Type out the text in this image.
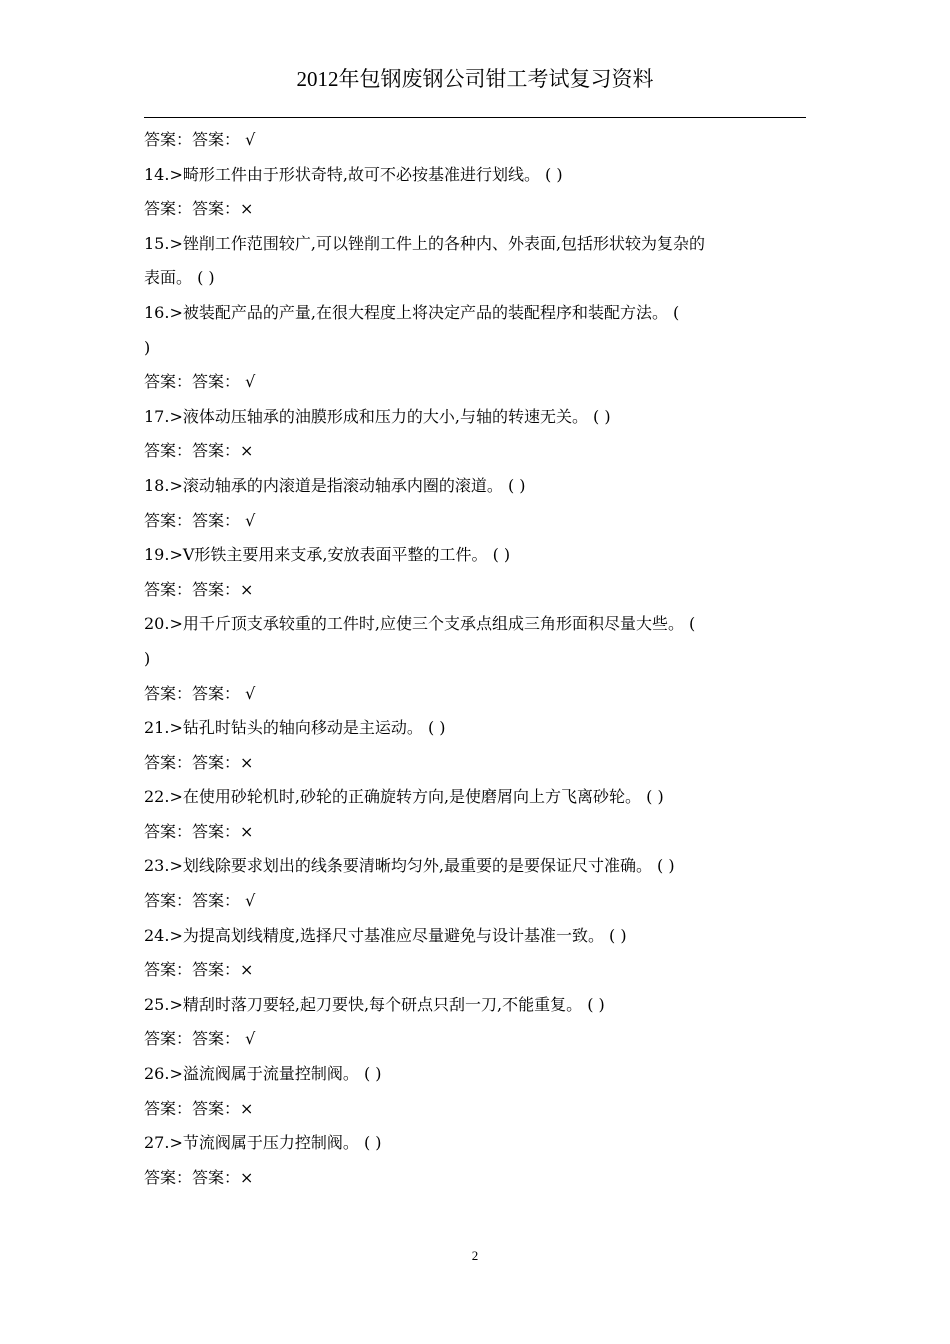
2012年包钢废钢公司钳工考试复习资料
答案：答案： √
14.>畸形工件由于形状奇特,故可不必按基准进行划线。 ( )
答案：答案：×
15.>锉削工作范围较广,可以锉削工件上的各种内、外表面,包括形状较为复杂的
表面。 ( )
16.>被装配产品的产量,在很大程度上将决定产品的装配程序和装配方法。 (
)
答案：答案： √
17.>液体动压轴承的油膜形成和压力的大小,与轴的转速无关。 ( )
答案：答案：×
18.>滚动轴承的内滚道是指滚动轴承内圈的滚道。 ( )
答案：答案： √
19.>V形铁主要用来支承,安放表面平整的工件。 ( )
答案：答案：×
20.>用千斤顶支承较重的工件时,应使三个支承点组成三角形面积尽量大些。 (
)
答案：答案： √
21.>钻孔时钻头的轴向移动是主运动。 ( )
答案：答案：×
22.>在使用砂轮机时,砂轮的正确旋转方向,是使磨屑向上方飞离砂轮。 ( )
答案：答案：×
23.>划线除要求划出的线条要清晰均匀外,最重要的是要保证尺寸准确。 ( )
答案：答案： √
24.>为提高划线精度,选择尺寸基准应尽量避免与设计基准一致。 ( )
答案：答案：×
25.>精刮时落刀要轻,起刀要快,每个研点只刮一刀,不能重复。 ( )
答案：答案： √
26.>溢流阀属于流量控制阀。 ( )
答案：答案：×
27.>节流阀属于压力控制阀。 ( )
答案：答案：×
2
